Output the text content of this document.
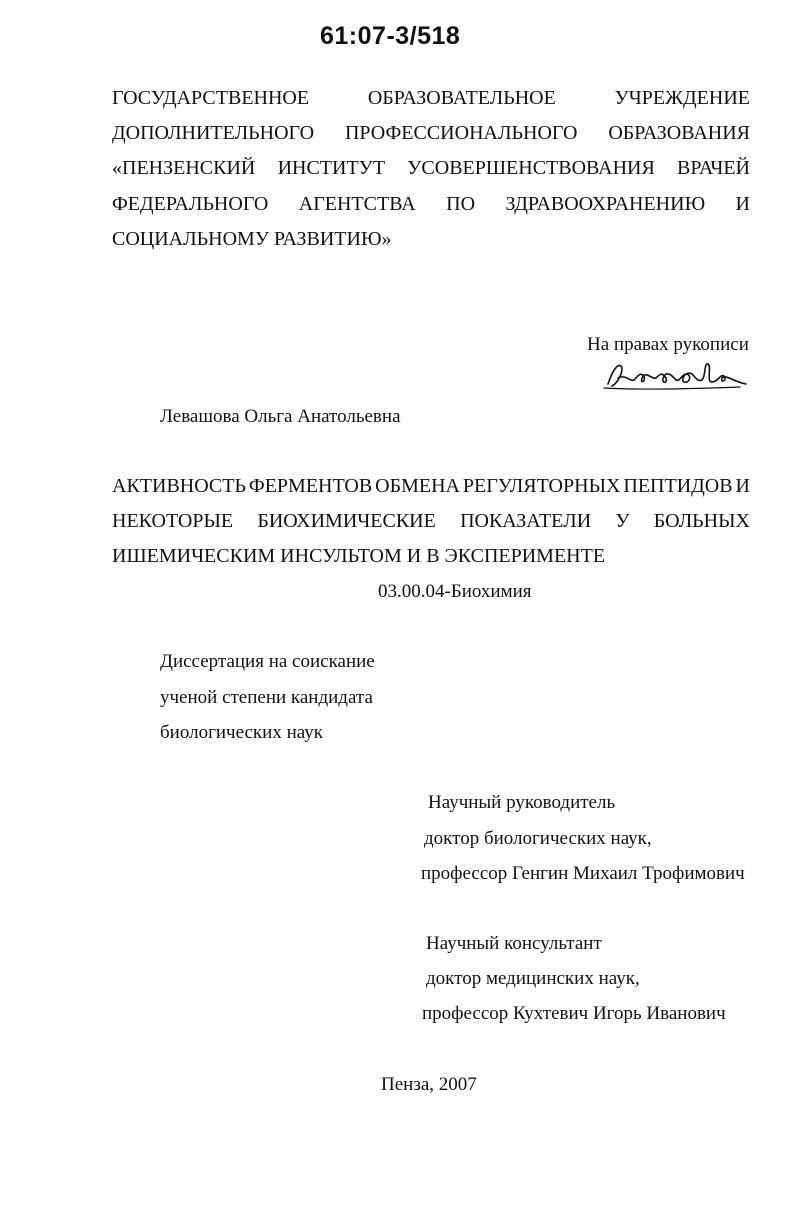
61:07-3/518
ГОСУДАРСТВЕННОЕ	ОБРАЗОВАТЕЛЬНОЕ	УЧРЕЖДЕНИЕ
ДОПОЛНИТЕЛЬНОГО ПРОФЕССИОНАЛЬНОГО ОБРАЗОВАНИЯ
«ПЕНЗЕНСКИЙ ИНСТИТУТ УСОВЕРШЕНСТВОВАНИЯ ВРАЧЕЙ
ФЕДЕРАЛЬНОГО АГЕНТСТВА ПО ЗДРАВООХРАНЕНИЮ И
СОЦИАЛЬНОМУ РАЗВИТИЮ»
На правах рукописи
Левашова Ольга Анатольевна
АКТИВНОСТЬ ФЕРМЕНТОВ ОБМЕНА РЕГУЛЯТОРНЫХ ПЕПТИДОВ И
НЕКОТОРЫЕ БИОХИМИЧЕСКИЕ ПОКАЗАТЕЛИ У БОЛЬНЫХ
ИШЕМИЧЕСКИМ ИНСУЛЬТОМ И В ЭКСПЕРИМЕНТЕ
03.00.04-Биохимия
Диссертация на соискание
ученой степени кандидата
биологических наук
Научный руководитель
доктор биологических наук,
профессор Генгин Михаил Трофимович
Научный консультант
доктор медицинских наук,
профессор Кухтевич Игорь Иванович
Пенза, 2007
